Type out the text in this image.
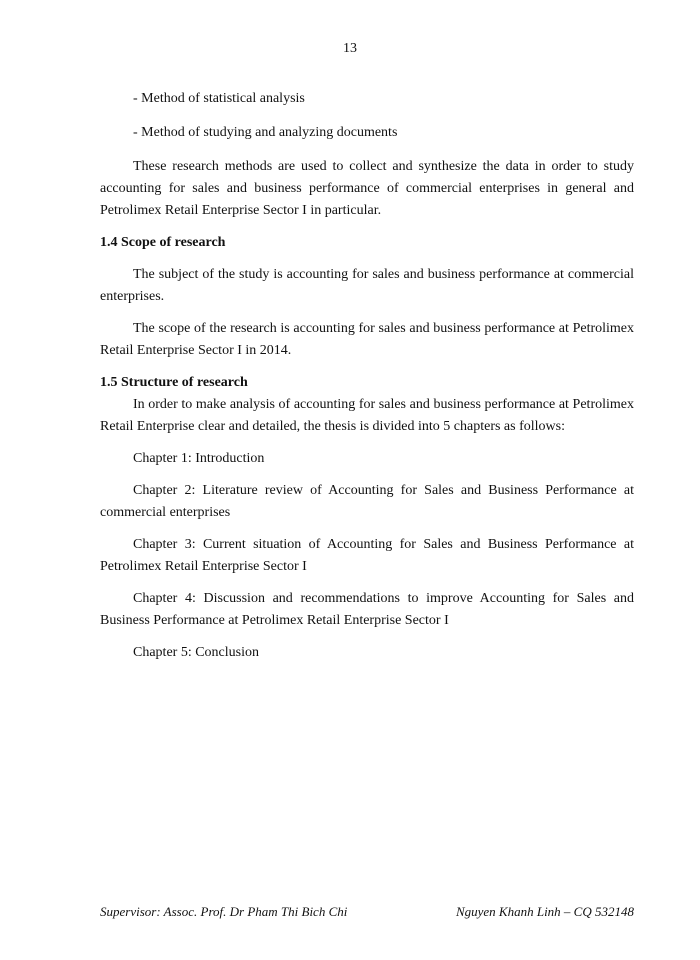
13

- Method of statistical analysis

- Method of studying and analyzing documents

These research methods are used to collect and synthesize the data in order to study accounting for sales and business performance of commercial enterprises in general and Petrolimex Retail Enterprise Sector I in particular.

1.4 Scope of research

The subject of the study is accounting for sales and business performance at commercial enterprises.

The scope of the research is accounting for sales and business performance at Petrolimex Retail Enterprise Sector I in 2014.

1.5 Structure of research

In order to make analysis of accounting for sales and business performance at Petrolimex Retail Enterprise clear and detailed, the thesis is divided into 5 chapters as follows:

Chapter 1: Introduction

Chapter 2: Literature review of Accounting for Sales and Business Performance at commercial enterprises

Chapter 3: Current situation of Accounting for Sales and Business Performance at Petrolimex Retail Enterprise Sector I

Chapter 4: Discussion and recommendations to improve Accounting for Sales and Business Performance at Petrolimex Retail Enterprise Sector I

Chapter 5: Conclusion

Supervisor: Assoc. Prof. Dr Pham Thi Bich Chi	Nguyen Khanh Linh – CQ 532148
